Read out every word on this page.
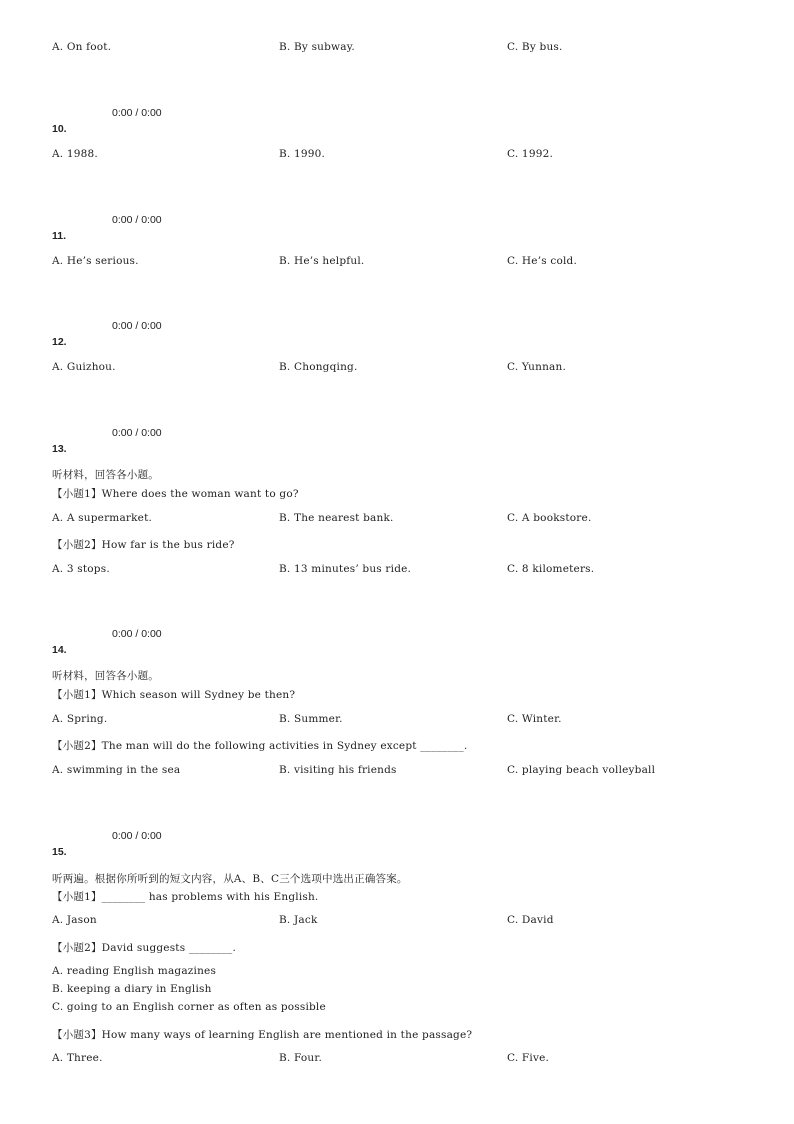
A. On foot.	B. By subway.	C. By bus.
0:00 / 0:00
10.
A. 1988.	B. 1990.	C. 1992.
0:00 / 0:00
11.
A. He’s serious.	B. He’s helpful.	C. He’s cold.
0:00 / 0:00
12.
A. Guizhou.	B. Chongqing.	C. Yunnan.
0:00 / 0:00
13.
听材料，回答各小题。
【小题1】Where does the woman want to go?
A. A supermarket.	B. The nearest bank.	C. A bookstore.
【小题2】How far is the bus ride?
A. 3 stops.	B. 13 minutes’ bus ride.	C. 8 kilometers.
0:00 / 0:00
14.
听材料，回答各小题。
【小题1】Which season will Sydney be then?
A. Spring.	B. Summer.	C. Winter.
【小题2】The man will do the following activities in Sydney except ________.
A. swimming in the sea	B. visiting his friends	C. playing beach volleyball
0:00 / 0:00
15.
听两遍。根据你所听到的短文内容，从A、B、C三个选项中选出正确答案。
【小题1】________ has problems with his English.
A. Jason	B. Jack	C. David
【小题2】David suggests ________.
A. reading English magazines
B. keeping a diary in English
C. going to an English corner as often as possible
【小题3】How many ways of learning English are mentioned in the passage?
A. Three.	B. Four.	C. Five.
